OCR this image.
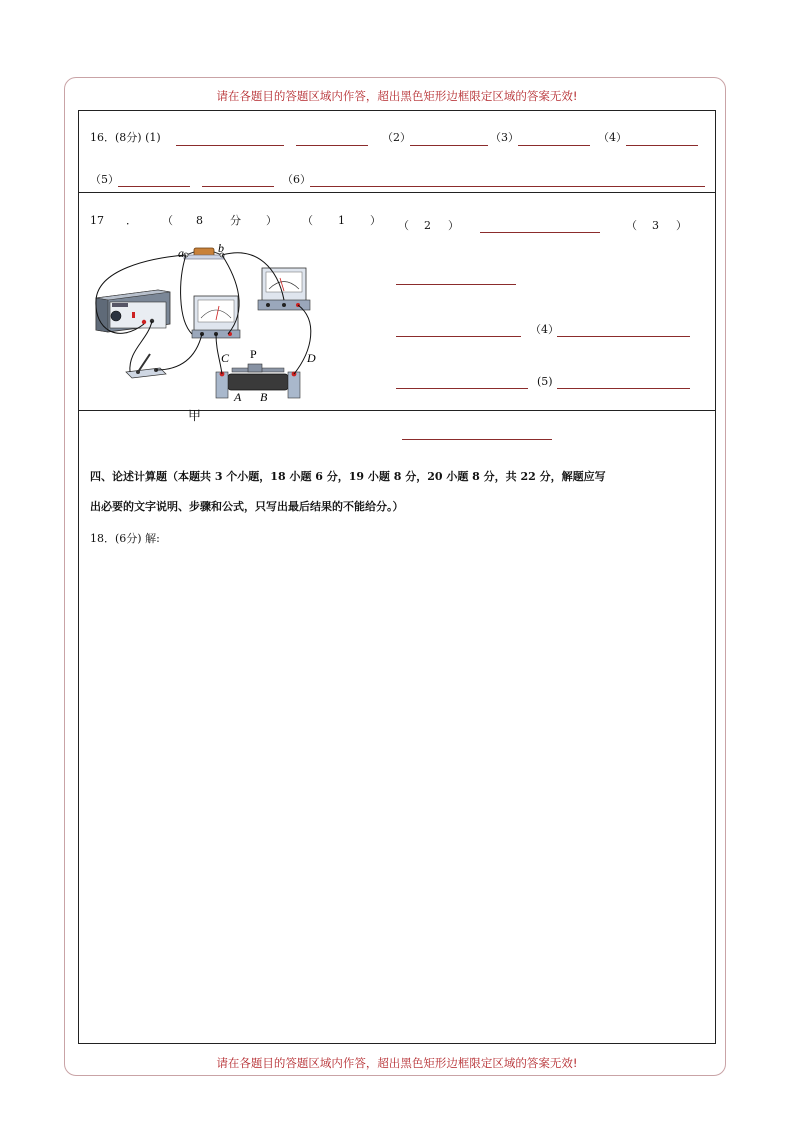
请在各题目的答题区域内作答，超出黑色矩形边框限定区域的答案无效!
16．(8分) (1)	（2）	（3）	（4）
（5）	（6）
17 ． （ 8 分 ） （ 1 ） （ 2 ）	（ 3 ）
（4）
(5)
a	b
C P	D
A B
甲
四、论述计算题（本题共 3 个小题，18 小题 6 分，19 小题 8 分，20 小题 8 分，共 22 分，解题应写
出必要的文字说明、步骤和公式，只写出最后结果的不能给分。）
18．(6分) 解:
请在各题目的答题区域内作答，超出黑色矩形边框限定区域的答案无效!
